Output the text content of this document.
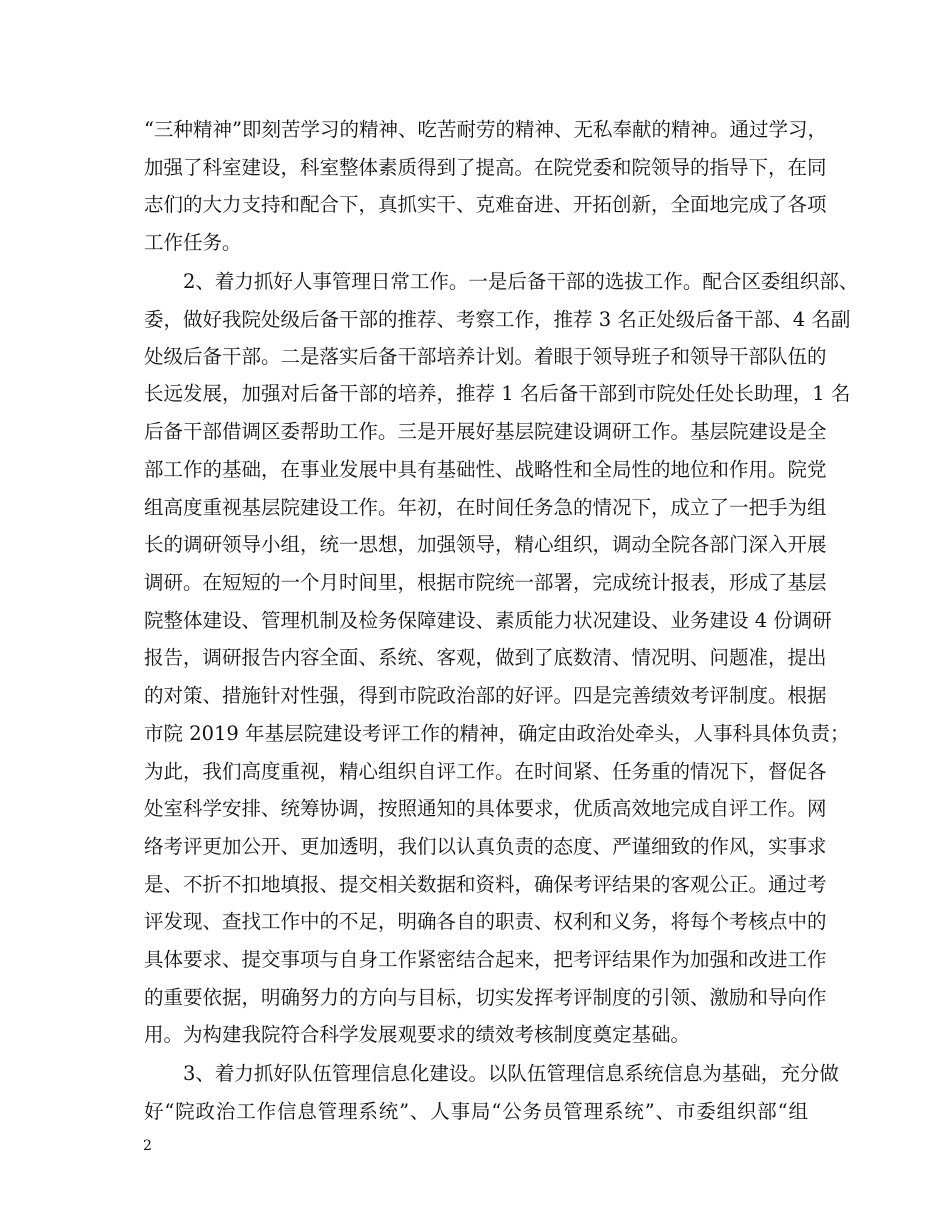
“三种精神”即刻苦学习的精神、吃苦耐劳的精神、无私奉献的精神。通过学习，
加强了科室建设，科室整体素质得到了提高。在院党委和院领导的指导下，在同
志们的大力支持和配合下，真抓实干、克难奋进、开拓创新，全面地完成了各项
工作任务。
　　2、着力抓好人事管理日常工作。一是后备干部的选拔工作。配合区委组织部、
委，做好我院处级后备干部的推荐、考察工作，推荐 3 名正处级后备干部、4 名副
处级后备干部。二是落实后备干部培养计划。着眼于领导班子和领导干部队伍的
长远发展，加强对后备干部的培养，推荐 1 名后备干部到市院处任处长助理，1 名
后备干部借调区委帮助工作。三是开展好基层院建设调研工作。基层院建设是全
部工作的基础，在事业发展中具有基础性、战略性和全局性的地位和作用。院党
组高度重视基层院建设工作。年初，在时间任务急的情况下，成立了一把手为组
长的调研领导小组，统一思想，加强领导，精心组织，调动全院各部门深入开展
调研。在短短的一个月时间里，根据市院统一部署，完成统计报表，形成了基层
院整体建设、管理机制及检务保障建设、素质能力状况建设、业务建设 4 份调研
报告，调研报告内容全面、系统、客观，做到了底数清、情况明、问题准，提出
的对策、措施针对性强，得到市院政治部的好评。四是完善绩效考评制度。根据
市院 2019 年基层院建设考评工作的精神，确定由政治处牵头，人事科具体负责；
为此，我们高度重视，精心组织自评工作。在时间紧、任务重的情况下，督促各
处室科学安排、统筹协调，按照通知的具体要求，优质高效地完成自评工作。网
络考评更加公开、更加透明，我们以认真负责的态度、严谨细致的作风，实事求
是、不折不扣地填报、提交相关数据和资料，确保考评结果的客观公正。通过考
评发现、查找工作中的不足，明确各自的职责、权利和义务，将每个考核点中的
具体要求、提交事项与自身工作紧密结合起来，把考评结果作为加强和改进工作
的重要依据，明确努力的方向与目标，切实发挥考评制度的引领、激励和导向作
用。为构建我院符合科学发展观要求的绩效考核制度奠定基础。
　　3、着力抓好队伍管理信息化建设。以队伍管理信息系统信息为基础，充分做
好“院政治工作信息管理系统”、人事局“公务员管理系统”、市委组织部“组
2
